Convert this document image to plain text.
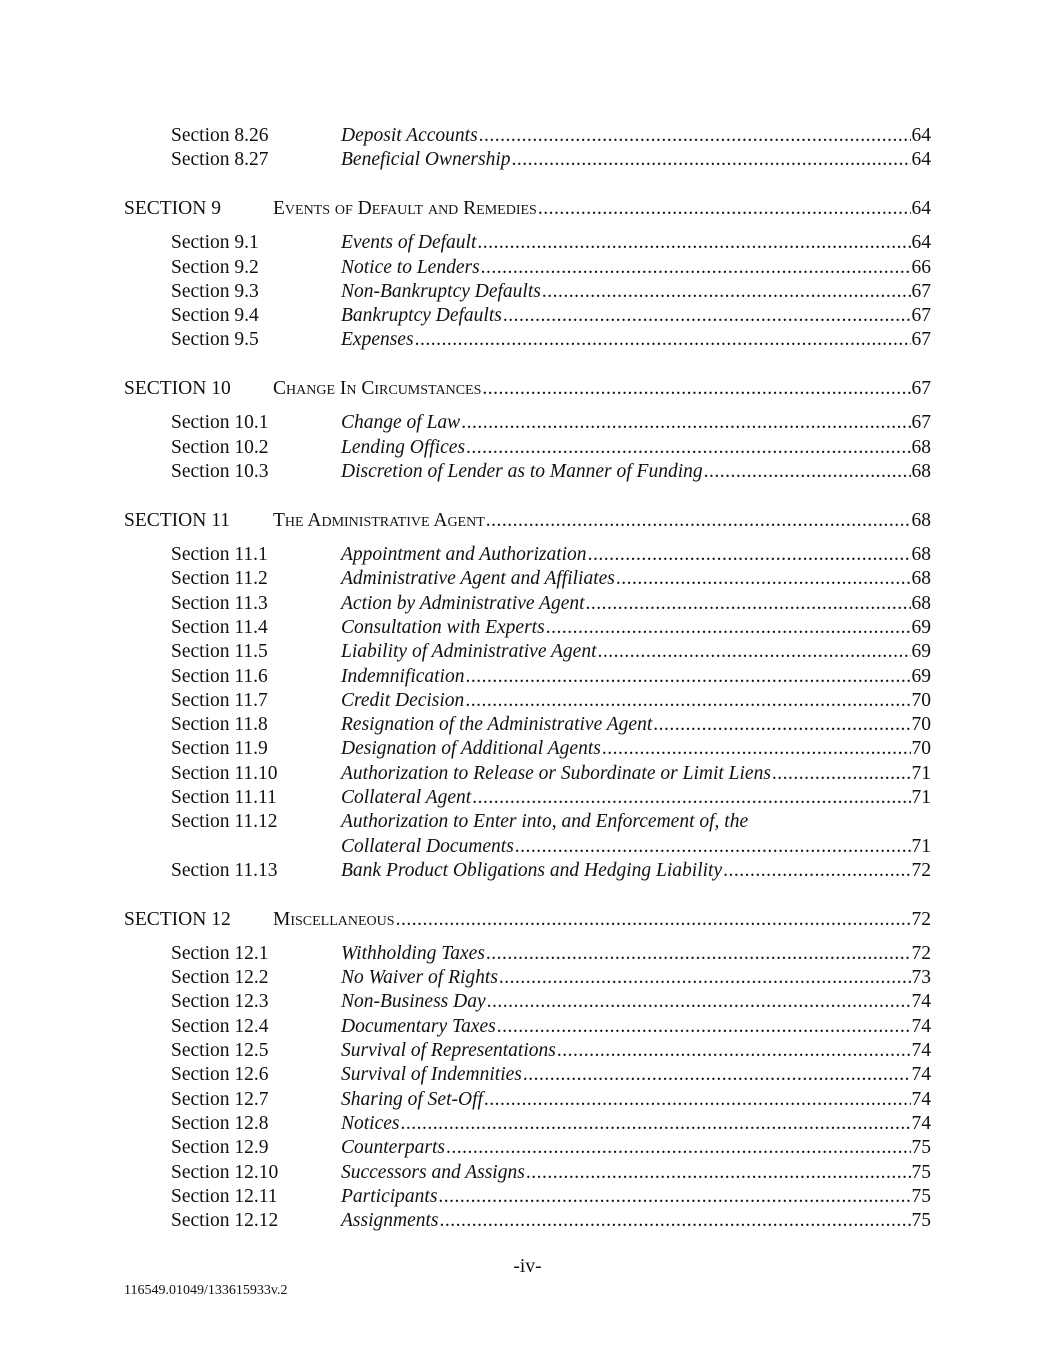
Section 8.26	Deposit Accounts .....	64
Section 8.27	Beneficial Ownership .....	64
SECTION 9	Events of Default and Remedies .....	64
Section 9.1	Events of Default .....	64
Section 9.2	Notice to Lenders .....	66
Section 9.3	Non-Bankruptcy Defaults .....	67
Section 9.4	Bankruptcy Defaults .....	67
Section 9.5	Expenses .....	67
SECTION 10 Change In Circumstances .....	67
Section 10.1	Change of Law .....	67
Section 10.2	Lending Offices .....	68
Section 10.3	Discretion of Lender as to Manner of Funding .....	68
SECTION 11 The Administrative Agent .....	68
Section 11.1	Appointment and Authorization .....	68
Section 11.2	Administrative Agent and Affiliates .....	68
Section 11.3	Action by Administrative Agent .....	68
Section 11.4	Consultation with Experts .....	69
Section 11.5	Liability of Administrative Agent .....	69
Section 11.6	Indemnification .....	69
Section 11.7	Credit Decision .....	70
Section 11.8	Resignation of the Administrative Agent .....	70
Section 11.9	Designation of Additional Agents .....	70
Section 11.10	Authorization to Release or Subordinate or Limit Liens .....	71
Section 11.11	Collateral Agent .....	71
Section 11.12	Authorization to Enter into, and Enforcement of, the
Collateral Documents .....	71
Section 11.13	Bank Product Obligations and Hedging Liability .....	72
SECTION 12 Miscellaneous .....	72
Section 12.1	Withholding Taxes .....	72
Section 12.2	No Waiver of Rights .....	73
Section 12.3	Non-Business Day .....	74
Section 12.4	Documentary Taxes .....	74
Section 12.5	Survival of Representations .....	74
Section 12.6	Survival of Indemnities .....	74
Section 12.7	Sharing of Set-Off .....	74
Section 12.8	Notices .....	74
Section 12.9	Counterparts .....	75
Section 12.10	Successors and Assigns .....	75
Section 12.11	Participants .....	75
Section 12.12	Assignments .....	75
-iv-
116549.01049/133615933v.2
